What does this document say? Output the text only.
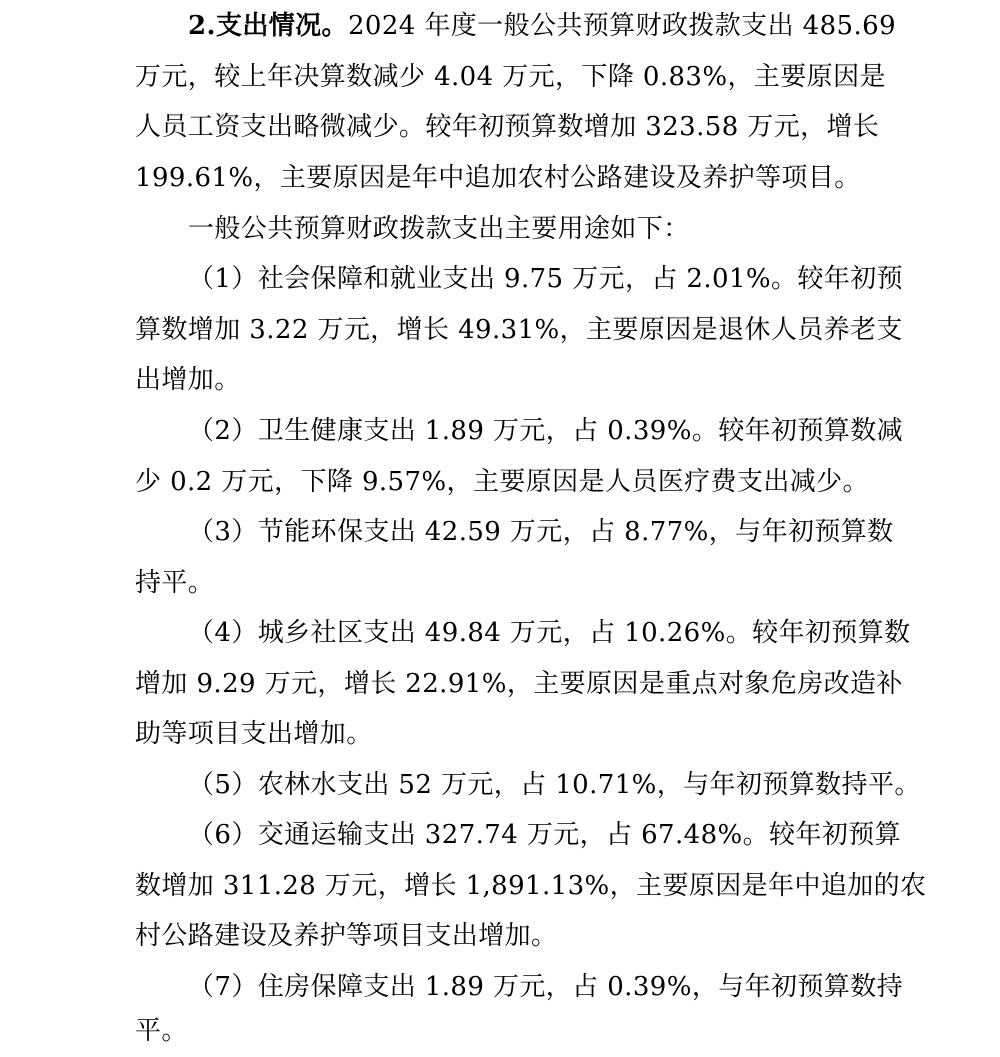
2.支出情况。2024 年度一般公共预算财政拨款支出 485.69
万元，较上年决算数减少 4.04 万元，下降 0.83%，主要原因是
人员工资支出略微减少。较年初预算数增加 323.58 万元，增长
199.61%，主要原因是年中追加农村公路建设及养护等项目。
一般公共预算财政拨款支出主要用途如下：
（1）社会保障和就业支出 9.75 万元，占 2.01%。较年初预
算数增加 3.22 万元，增长 49.31%，主要原因是退休人员养老支
出增加。
（2）卫生健康支出 1.89 万元，占 0.39%。较年初预算数减
少 0.2 万元，下降 9.57%，主要原因是人员医疗费支出减少。
（3）节能环保支出 42.59 万元，占 8.77%，与年初预算数
持平。
（4）城乡社区支出 49.84 万元，占 10.26%。较年初预算数
增加 9.29 万元，增长 22.91%，主要原因是重点对象危房改造补
助等项目支出增加。
（5）农林水支出 52 万元，占 10.71%，与年初预算数持平。
（6）交通运输支出 327.74 万元，占 67.48%。较年初预算
数增加 311.28 万元，增长 1,891.13%，主要原因是年中追加的农
村公路建设及养护等项目支出增加。
（7）住房保障支出 1.89 万元，占 0.39%，与年初预算数持
平。
